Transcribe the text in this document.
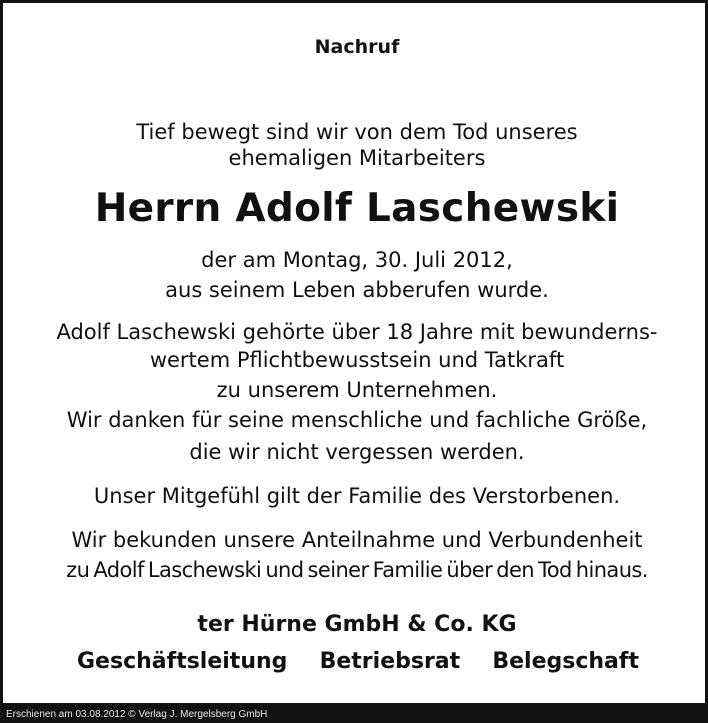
Nachruf
Tief bewegt sind wir von dem Tod unseres
ehemaligen Mitarbeiters
Herrn Adolf Laschewski
der am Montag, 30. Juli 2012,
aus seinem Leben abberufen wurde.
Adolf Laschewski gehörte über 18 Jahre mit bewunderns-
wertem Pflichtbewusstsein und Tatkraft
zu unserem Unternehmen.
Wir danken für seine menschliche und fachliche Größe,
die wir nicht vergessen werden.
Unser Mitgefühl gilt der Familie des Verstorbenen.
Wir bekunden unsere Anteilnahme und Verbundenheit
zu Adolf Laschewski und seiner Familie über den Tod hinaus.
ter Hürne GmbH & Co. KG
Geschäftsleitung Betriebsrat Belegschaft
Erschienen am 03.08.2012 © Verlag J. Mergelsberg GmbH
